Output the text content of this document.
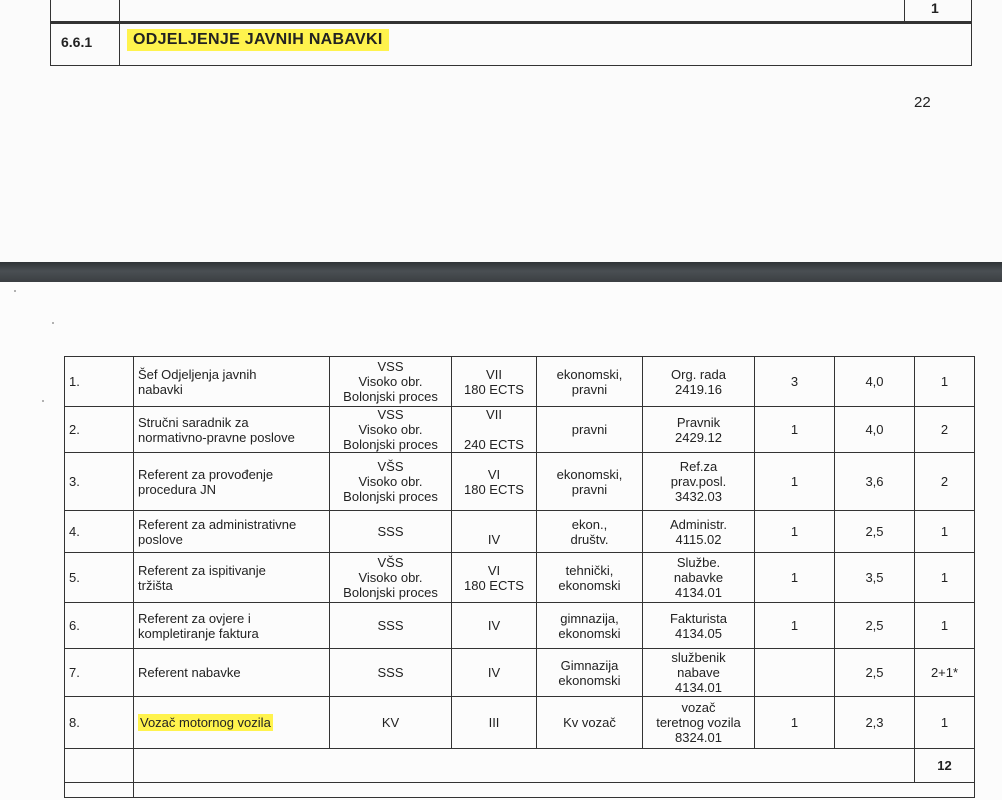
1
6.6.1	ODJELJENJE JAVNIH NABAVKI
22
1.	Šef Odjeljenja javnih
nabavki	VSS
Visoko obr.
Bolonjski proces	VII
180 ECTS	ekonomski,
pravni	Org. rada
2419.16	3	4,0	1
2.	Stručni saradnik za
normativno-pravne poslove	VSS
Visoko obr.
Bolonjski proces	VII

240 ECTS	pravni	Pravnik
2429.12	1	4,0	2
3.	Referent za provođenje
procedura JN	VŠS
Visoko obr.
Bolonjski proces	VI
180 ECTS	ekonomski,
pravni	Ref.za
prav.posl.
3432.03	1	3,6	2
4.	Referent za administrativne
poslove	SSS	IV	ekon.,
društv.	Administr.
4115.02	1	2,5	1
5.	Referent za ispitivanje
tržišta	VŠS
Visoko obr.
Bolonjski proces	VI
180 ECTS	tehnički,
ekonomski	Službe.
nabavke
4134.01	1	3,5	1
6.	Referent za ovjere i
kompletiranje faktura	SSS	IV	gimnazija,
ekonomski	Fakturista
4134.05	1	2,5	1
7.	Referent nabavke	SSS	IV	Gimnazija
ekonomski	službenik
nabave
4134.01		2,5	2+1*
8.	Vozač motornog vozila	KV	III	Kv vozač	vozač
teretnog vozila
8324.01	1	2,3	1
								12
